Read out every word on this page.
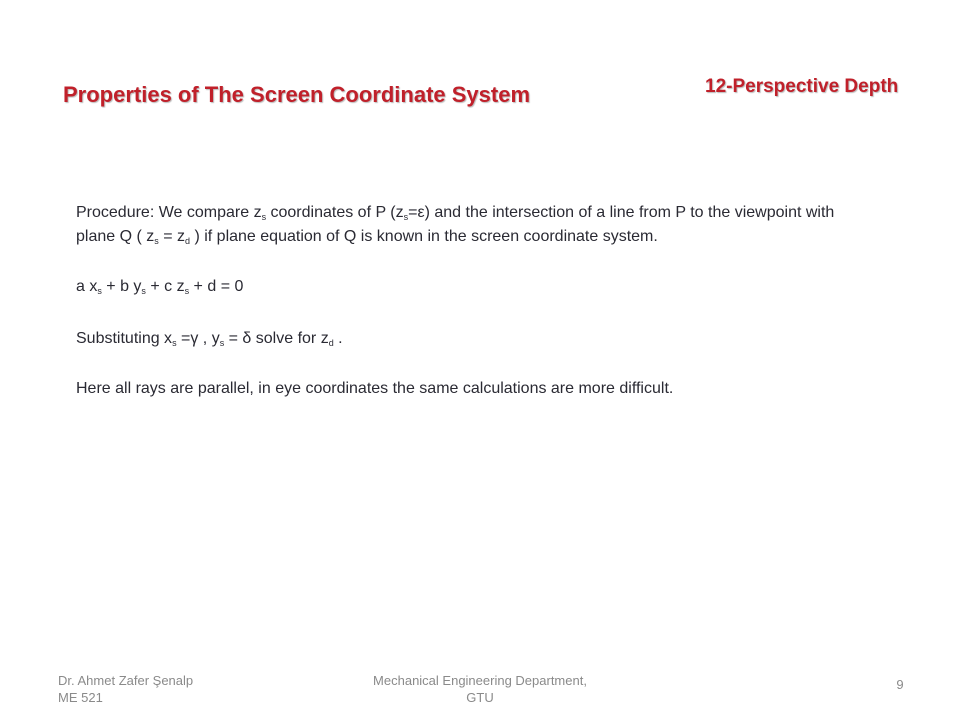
Properties of The Screen Coordinate System	12-Perspective Depth

Procedure: We compare $z_s$ coordinates of P $(z_s=\varepsilon)$ and the intersection of a line from P to the viewpoint with plane Q ( $z_s = z_d$ ) if plane equation of Q is known in the screen coordinate system.

a $x_s + b$ $y_s + c$ $z_s + d = 0$

Substituting $x_s =\gamma$ , $y_s = \delta$ solve for $z_d$ .

Here all rays are parallel, in eye coordinates the same calculations are more difficult.

Dr. Ahmet Zafer Şenalp
ME 521
Mechanical Engineering Department,
GTU
9
